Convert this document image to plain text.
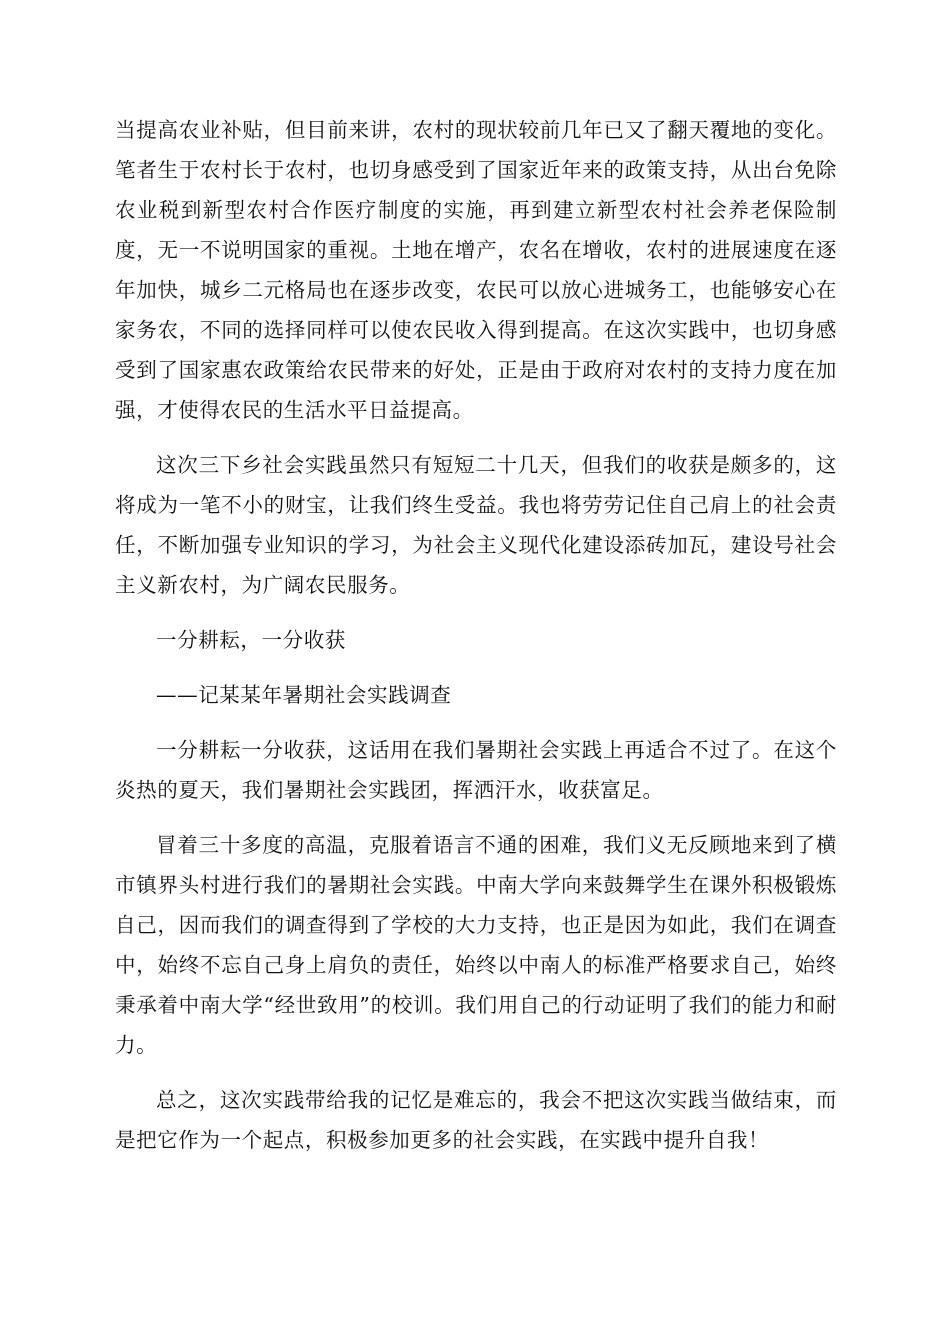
当提高农业补贴，但目前来讲，农村的现状较前几年已又了翻天覆地的变化。笔者生于农村长于农村，也切身感受到了国家近年来的政策支持，从出台免除农业税到新型农村合作医疗制度的实施，再到建立新型农村社会养老保险制度，无一不说明国家的重视。土地在增产，农名在增收，农村的进展速度在逐年加快，城乡二元格局也在逐步改变，农民可以放心进城务工，也能够安心在家务农，不同的选择同样可以使农民收入得到提高。在这次实践中，也切身感受到了国家惠农政策给农民带来的好处，正是由于政府对农村的支持力度在加强，才使得农民的生活水平日益提高。

这次三下乡社会实践虽然只有短短二十几天，但我们的收获是颇多的，这将成为一笔不小的财宝，让我们终生受益。我也将劳劳记住自己肩上的社会责任，不断加强专业知识的学习，为社会主义现代化建设添砖加瓦，建设号社会主义新农村，为广阔农民服务。

一分耕耘，一分收获

——记某某年暑期社会实践调查

一分耕耘一分收获，这话用在我们暑期社会实践上再适合不过了。在这个炎热的夏天，我们暑期社会实践团，挥洒汗水，收获富足。

冒着三十多度的高温，克服着语言不通的困难，我们义无反顾地来到了横市镇界头村进行我们的暑期社会实践。中南大学向来鼓舞学生在课外积极锻炼自己，因而我们的调查得到了学校的大力支持，也正是因为如此，我们在调查中，始终不忘自己身上肩负的责任，始终以中南人的标准严格要求自己，始终秉承着中南大学“经世致用”的校训。我们用自己的行动证明了我们的能力和耐力。

总之，这次实践带给我的记忆是难忘的，我会不把这次实践当做结束，而是把它作为一个起点，积极参加更多的社会实践，在实践中提升自我！
